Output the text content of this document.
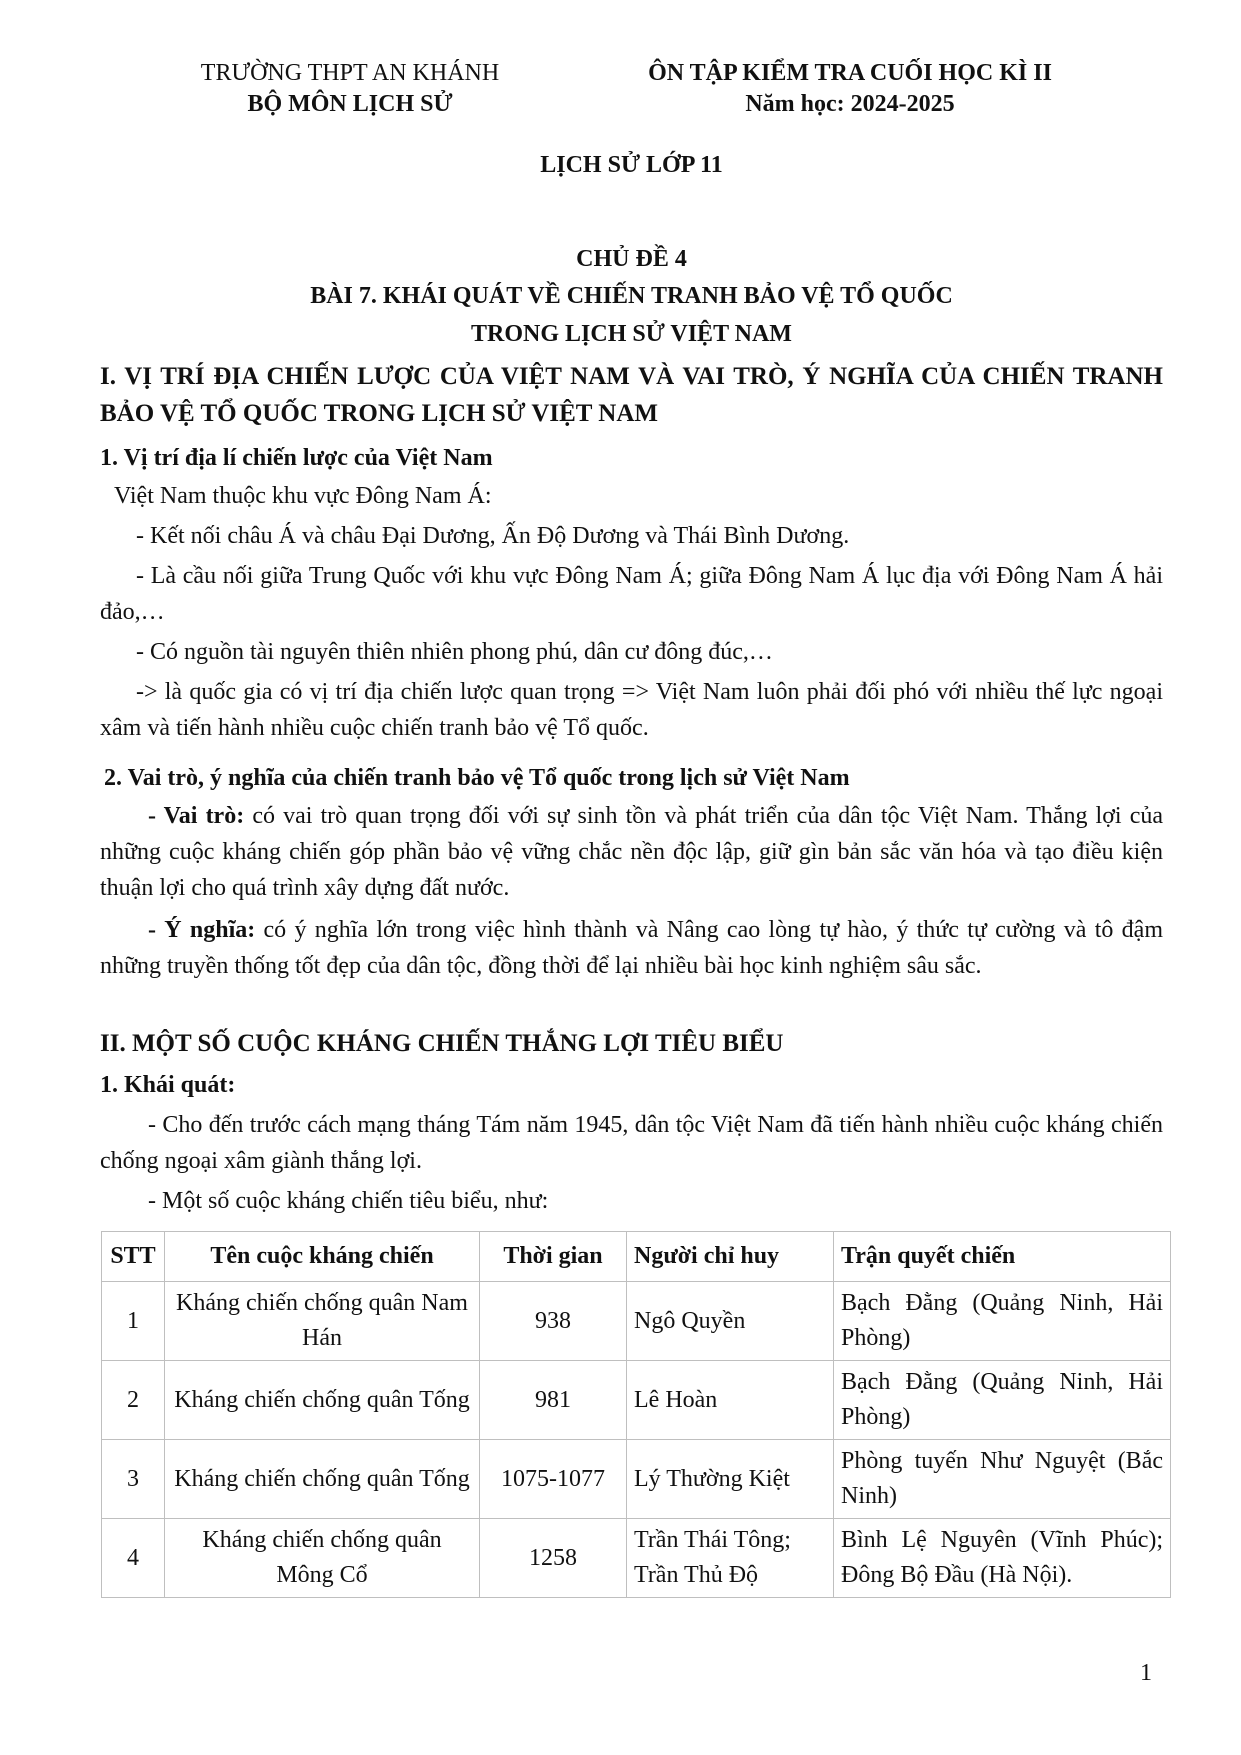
TRƯỜNG THPT AN KHÁNH
BỘ MÔN LỊCH SỬ
ÔN TẬP KIỂM TRA CUỐI HỌC KÌ II
Năm học: 2024-2025
LỊCH SỬ LỚP 11
CHỦ ĐỀ 4
BÀI 7. KHÁI QUÁT VỀ CHIẾN TRANH BẢO VỆ TỔ QUỐC
TRONG LỊCH SỬ VIỆT NAM
I. VỊ TRÍ ĐỊA CHIẾN LƯỢC CỦA VIỆT NAM VÀ VAI TRÒ, Ý NGHĨA CỦA CHIẾN TRANH BẢO VỆ TỔ QUỐC TRONG LỊCH SỬ VIỆT NAM
1. Vị trí địa lí chiến lược của Việt Nam

Việt Nam thuộc khu vực Đông Nam Á:

- Kết nối châu Á và châu Đại Dương, Ấn Độ Dương và Thái Bình Dương.

- Là cầu nối giữa Trung Quốc với khu vực Đông Nam Á; giữa Đông Nam Á lục địa với Đông Nam Á hải đảo,…

- Có nguồn tài nguyên thiên nhiên phong phú, dân cư đông đúc,…

-> là quốc gia có vị trí địa chiến lược quan trọng => Việt Nam luôn phải đối phó với nhiều thế lực ngoại xâm và tiến hành nhiều cuộc chiến tranh bảo vệ Tổ quốc.

2. Vai trò, ý nghĩa của chiến tranh bảo vệ Tổ quốc trong lịch sử Việt Nam

- Vai trò: có vai trò quan trọng đối với sự sinh tồn và phát triển của dân tộc Việt Nam. Thắng lợi của những cuộc kháng chiến góp phần bảo vệ vững chắc nền độc lập, giữ gìn bản sắc văn hóa và tạo điều kiện thuận lợi cho quá trình xây dựng đất nước.

- Ý nghĩa: có ý nghĩa lớn trong việc hình thành và Nâng cao lòng tự hào, ý thức tự cường và tô đậm những truyền thống tốt đẹp của dân tộc, đồng thời để lại nhiều bài học kinh nghiệm sâu sắc.

II. MỘT SỐ CUỘC KHÁNG CHIẾN THẮNG LỢI TIÊU BIỂU
1. Khái quát:

- Cho đến trước cách mạng tháng Tám năm 1945, dân tộc Việt Nam đã tiến hành nhiều cuộc kháng chiến chống ngoại xâm giành thắng lợi.

- Một số cuộc kháng chiến tiêu biểu, như:

STT	Tên cuộc kháng chiến	Thời gian	Người chỉ huy	Trận quyết chiến
1	Kháng chiến chống quân Nam Hán	938	Ngô Quyền	Bạch Đằng (Quảng Ninh, Hải Phòng)
2	Kháng chiến chống quân Tống	981	Lê Hoàn	Bạch Đằng (Quảng Ninh, Hải Phòng)
3	Kháng chiến chống quân Tống	1075-1077	Lý Thường Kiệt	Phòng tuyến Như Nguyệt (Bắc Ninh)
4	Kháng chiến chống quân Mông Cổ	1258	Trần Thái Tông; Trần Thủ Độ	Bình Lệ Nguyên (Vĩnh Phúc); Đông Bộ Đầu (Hà Nội).
1
